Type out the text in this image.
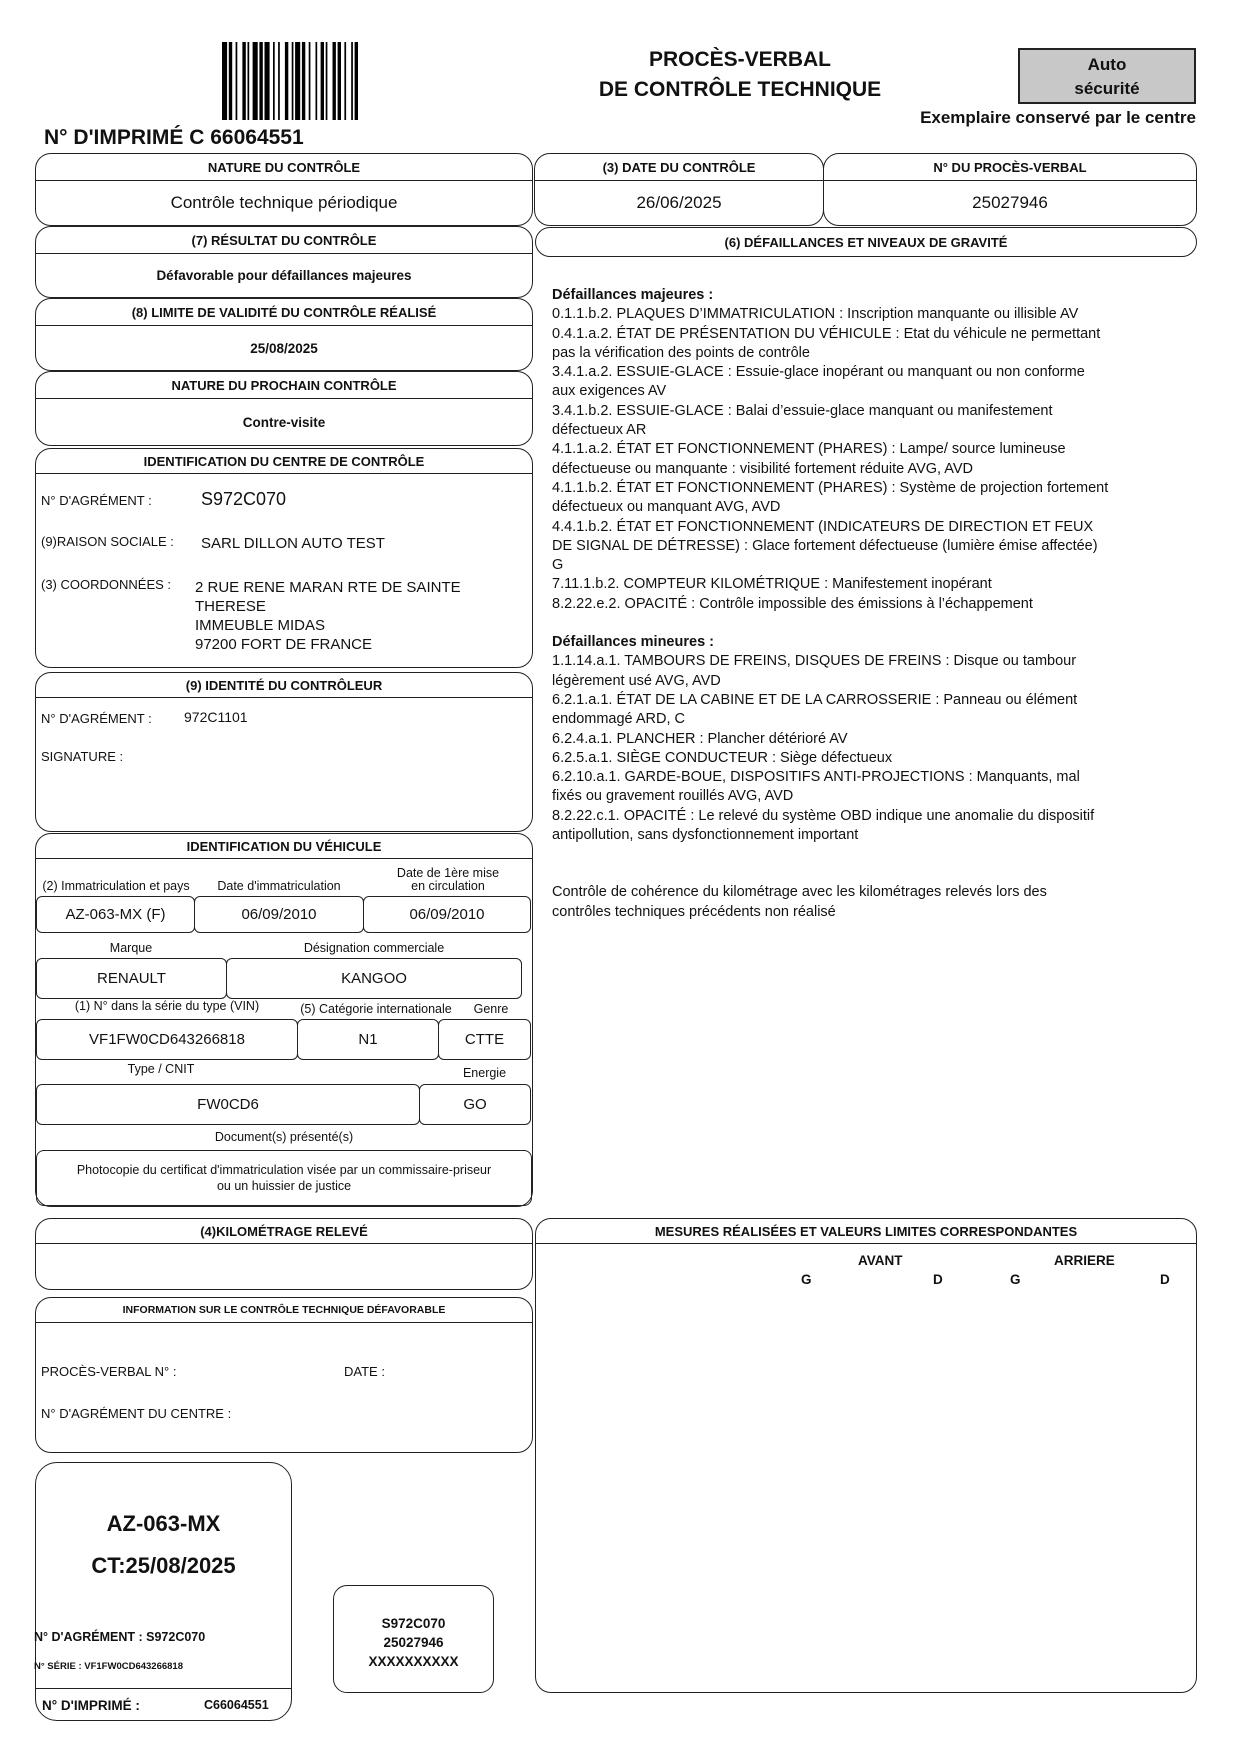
N° D'IMPRIMÉ C 66064551
PROCÈS-VERBAL
DE CONTRÔLE TECHNIQUE
Auto
sécurité
Exemplaire conservé par le centre
NATURE DU CONTRÔLE
Contrôle technique périodique
(3) DATE DU CONTRÔLE
26/06/2025
N° DU PROCÈS-VERBAL
25027946
(7) RÉSULTAT DU CONTRÔLE
Défavorable pour défaillances majeures
(8) LIMITE DE VALIDITÉ DU CONTRÔLE RÉALISÉ
25/08/2025
NATURE DU PROCHAIN CONTRÔLE
Contre-visite
IDENTIFICATION DU CENTRE DE CONTRÔLE
N° D'AGRÉMENT :	S972C070
(9)RAISON SOCIALE : SARL DILLON AUTO TEST
(3) COORDONNÉES : 2 RUE RENE MARAN RTE DE SAINTE
THERESE
IMMEUBLE MIDAS
97200 FORT DE FRANCE
(9) IDENTITÉ DU CONTRÔLEUR
N° D'AGRÉMENT : 972C1101
SIGNATURE :
IDENTIFICATION DU VÉHICULE
(2) Immatriculation et pays	Date d'immatriculation
Date de 1ère mise
en circulation
AZ-063-MX (F)	06/09/2010	06/09/2010
Marque	Désignation commerciale
RENAULT	KANGOO
(1) N° dans la série du type (VIN)	(5) Catégorie internationale	Genre
VF1FW0CD643266818	N1	CTTE
Type / CNIT	Energie
FW0CD6	GO
Document(s) présenté(s)
Photocopie du certificat d'immatriculation visée par un commissaire-priseur
ou un huissier de justice
(6) DÉFAILLANCES ET NIVEAUX DE GRAVITÉ
Défaillances majeures :
0.1.1.b.2. PLAQUES D’IMMATRICULATION : Inscription manquante ou illisible AV
0.4.1.a.2. ÉTAT DE PRÉSENTATION DU VÉHICULE : Etat du véhicule ne permettant
pas la vérification des points de contrôle
3.4.1.a.2. ESSUIE-GLACE : Essuie-glace inopérant ou manquant ou non conforme
aux exigences AV
3.4.1.b.2. ESSUIE-GLACE : Balai d’essuie-glace manquant ou manifestement
défectueux AR
4.1.1.a.2. ÉTAT ET FONCTIONNEMENT (PHARES) : Lampe/ source lumineuse
défectueuse ou manquante : visibilité fortement réduite AVG, AVD
4.1.1.b.2. ÉTAT ET FONCTIONNEMENT (PHARES) : Système de projection fortement
défectueux ou manquant AVG, AVD
4.4.1.b.2. ÉTAT ET FONCTIONNEMENT (INDICATEURS DE DIRECTION ET FEUX
DE SIGNAL DE DÉTRESSE) : Glace fortement défectueuse (lumière émise affectée)
G
7.11.1.b.2. COMPTEUR KILOMÉTRIQUE : Manifestement inopérant
8.2.22.e.2. OPACITÉ : Contrôle impossible des émissions à l’échappement
Défaillances mineures :
1.1.14.a.1. TAMBOURS DE FREINS, DISQUES DE FREINS : Disque ou tambour
légèrement usé AVG, AVD
6.2.1.a.1. ÉTAT DE LA CABINE ET DE LA CARROSSERIE : Panneau ou élément
endommagé ARD, C
6.2.4.a.1. PLANCHER : Plancher détérioré AV
6.2.5.a.1. SIÈGE CONDUCTEUR : Siège défectueux
6.2.10.a.1. GARDE-BOUE, DISPOSITIFS ANTI-PROJECTIONS : Manquants, mal
fixés ou gravement rouillés AVG, AVD
8.2.22.c.1. OPACITÉ : Le relevé du système OBD indique une anomalie du dispositif
antipollution, sans dysfonctionnement important
Contrôle de cohérence du kilométrage avec les kilométrages relevés lors des
contrôles techniques précédents non réalisé
(4)KILOMÉTRAGE RELEVÉ
INFORMATION SUR LE CONTRÔLE TECHNIQUE DÉFAVORABLE
PROCÈS-VERBAL N° :	DATE :
N° D'AGRÉMENT DU CENTRE :
MESURES RÉALISÉES ET VALEURS LIMITES CORRESPONDANTES
AVANT	ARRIERE
G	D	G	D
AZ-063-MX
CT:25/08/2025
N° D'AGRÉMENT : S972C070
N° SÉRIE : VF1FW0CD643266818
N° D'IMPRIMÉ :	C66064551
S972C070
25027946
XXXXXXXXXX
